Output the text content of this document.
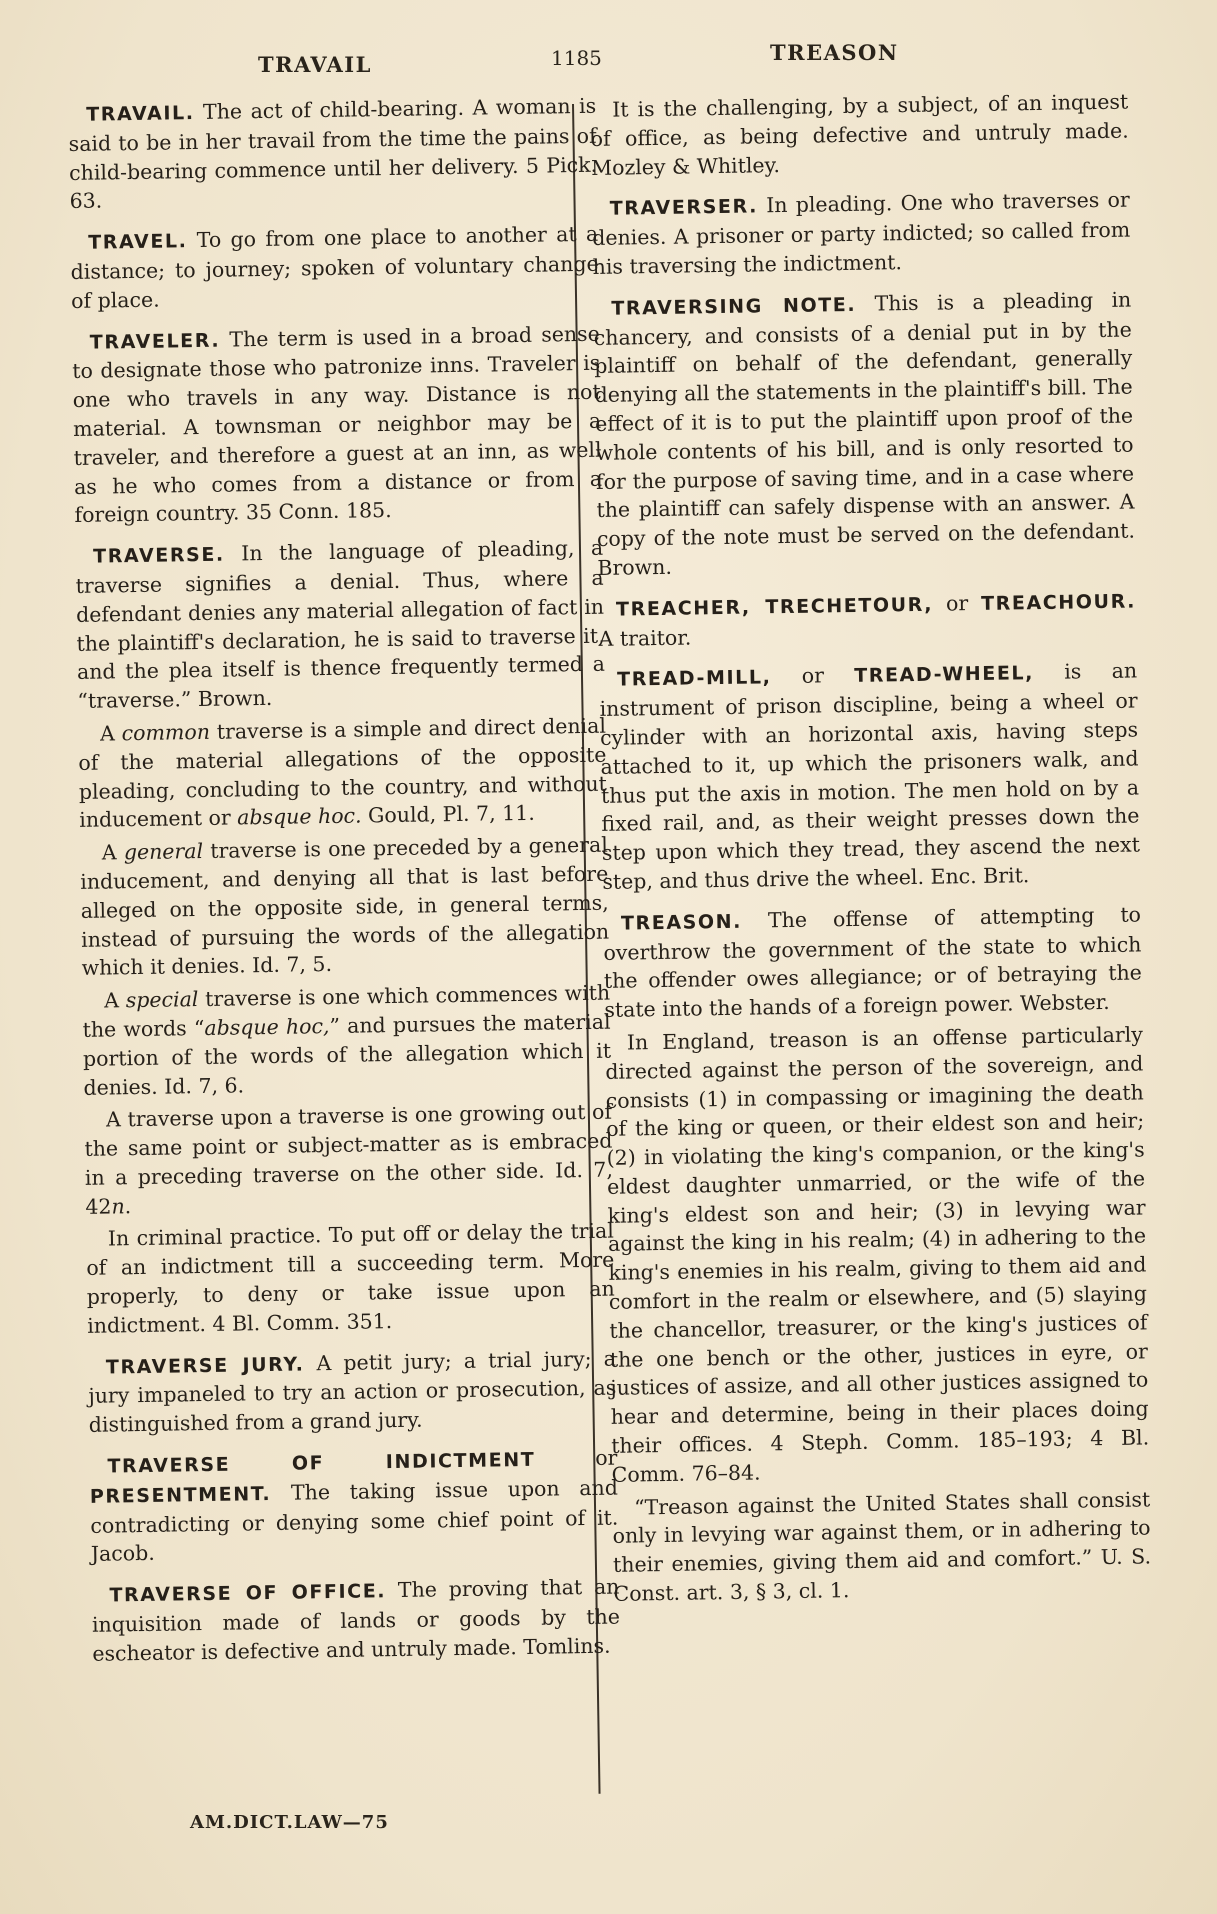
TRAVAIL	1185	TREASON

TRAVAIL. The act of child-bearing. A woman is said to be in her travail from the time the pains of child-bearing commence until her delivery. 5 Pick. 63.

TRAVEL. To go from one place to another at a distance; to journey; spoken of voluntary change of place.

TRAVELER. The term is used in a broad sense to designate those who patronize inns. Traveler is one who travels in any way. Distance is not material. A townsman or neighbor may be a traveler, and therefore a guest at an inn, as well as he who comes from a distance or from a foreign country. 35 Conn. 185.

TRAVERSE. In the language of pleading, a traverse signifies a denial. Thus, where a defendant denies any material allegation of fact in the plaintiff's declaration, he is said to traverse it, and the plea itself is thence frequently termed a “traverse.” Brown.

A common traverse is a simple and direct denial of the material allegations of the opposite pleading, concluding to the country, and without inducement or absque hoc. Gould, Pl. 7, 11.

A general traverse is one preceded by a general inducement, and denying all that is last before alleged on the opposite side, in general terms, instead of pursuing the words of the allegation which it denies. Id. 7, 5.

A special traverse is one which commences with the words “absque hoc,” and pursues the material portion of the words of the allegation which it denies. Id. 7, 6.

A traverse upon a traverse is one growing out of the same point or subject-matter as is embraced in a preceding traverse on the other side. Id. 7, 42n.

In criminal practice. To put off or delay the trial of an indictment till a succeeding term. More properly, to deny or take issue upon an indictment. 4 Bl. Comm. 351.

TRAVERSE JURY. A petit jury; a trial jury; a jury impaneled to try an action or prosecution, as distinguished from a grand jury.

TRAVERSE OF INDICTMENT	or PRESENTMENT. The taking issue upon and contradicting or denying some chief point of it. Jacob.

TRAVERSE OF OFFICE. The proving that an inquisition made of lands or goods by the escheator is defective and untruly made. Tomlins.

It is the challenging, by a subject, of an inquest of office, as being defective and untruly made. Mozley & Whitley.

TRAVERSER. In pleading. One who traverses or denies. A prisoner or party indicted; so called from his traversing the indictment.

TRAVERSING NOTE. This is a pleading in chancery, and consists of a denial put in by the plaintiff on behalf of the defendant, generally denying all the statements in the plaintiff's bill. The effect of it is to put the plaintiff upon proof of the whole contents of his bill, and is only resorted to for the purpose of saving time, and in a case where the plaintiff can safely dispense with an answer. A copy of the note must be served on the defendant. Brown.

TREACHER, TRECHETOUR, or TREACHOUR. A traitor.

TREAD-MILL, or TREAD-WHEEL, is an instrument of prison discipline, being a wheel or cylinder with an horizontal axis, having steps attached to it, up which the prisoners walk, and thus put the axis in motion. The men hold on by a fixed rail, and, as their weight presses down the step upon which they tread, they ascend the next step, and thus drive the wheel. Enc. Brit.

TREASON. The offense of attempting to overthrow the government of the state to which the offender owes allegiance; or of betraying the state into the hands of a foreign power. Webster.

In England, treason is an offense particularly directed against the person of the sovereign, and consists (1) in compassing or imagining the death of the king or queen, or their eldest son and heir; (2) in violating the king's companion, or the king's eldest daughter unmarried, or the wife of the king's eldest son and heir; (3) in levying war against the king in his realm; (4) in adhering to the king's enemies in his realm, giving to them aid and comfort in the realm or elsewhere, and (5) slaying the chancellor, treasurer, or the king's justices of the one bench or the other, justices in eyre, or justices of assize, and all other justices assigned to hear and determine, being in their places doing their offices. 4 Steph. Comm. 185–193; 4 Bl. Comm. 76–84.

“Treason against the United States shall consist only in levying war against them, or in adhering to their enemies, giving them aid and comfort.” U. S. Const. art. 3, § 3, cl. 1.

AM.DICT.LAW—75
